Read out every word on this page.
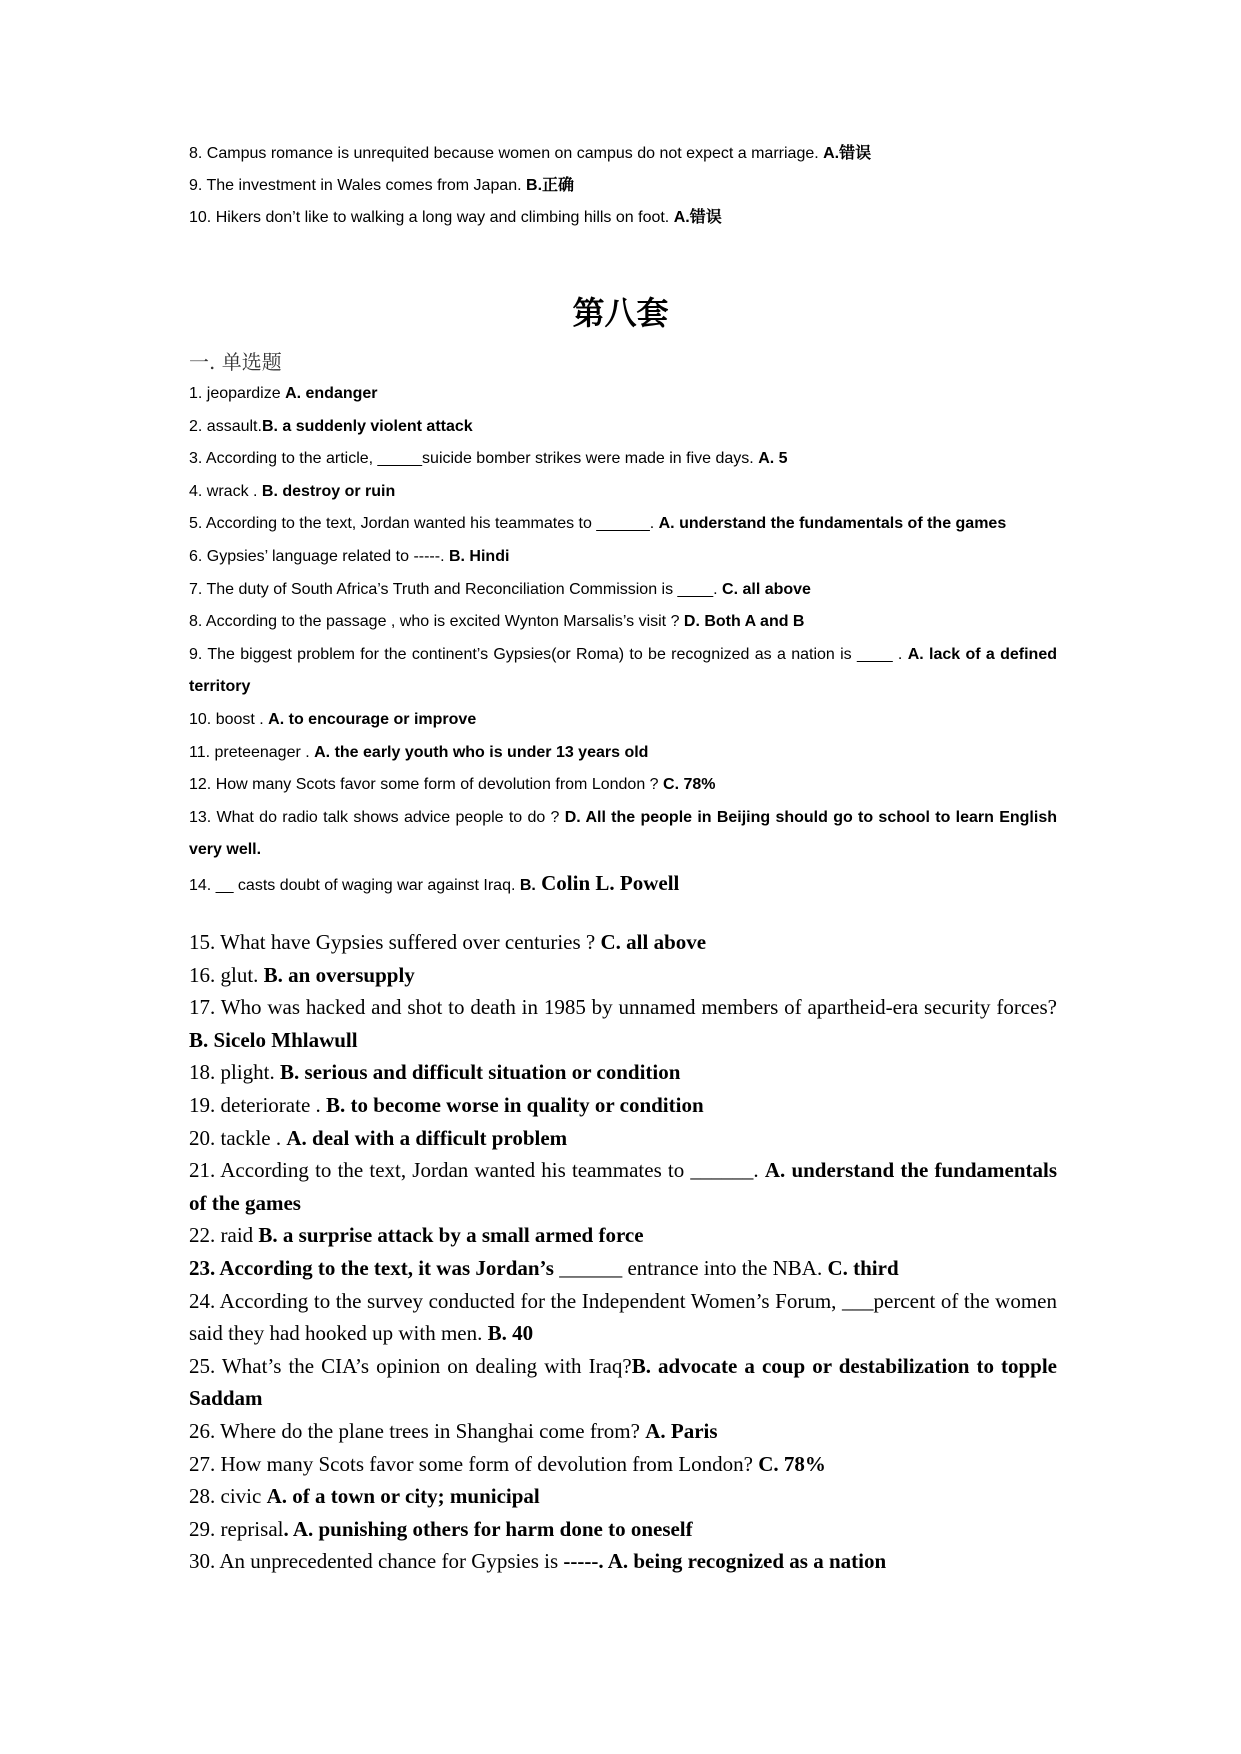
8. Campus romance is unrequited because women on campus do not expect a marriage. A.错误

9. The investment in Wales comes from Japan. B.正确

10. Hikers don’t like to walking a long way and climbing hills on foot. A.错误

第八套
一. 单选题

1. jeopardize A. endanger

2. assault.B. a suddenly violent attack

3. According to the article, _____suicide bomber strikes were made in five days. A. 5

4. wrack . B. destroy or ruin

5. According to the text, Jordan wanted his teammates to ______. A. understand the fundamentals of the games

6. Gypsies’ language related to -----. B. Hindi

7. The duty of South Africa’s Truth and Reconciliation Commission is ____. C. all above

8. According to the passage , who is excited Wynton Marsalis’s visit ? D. Both A and B

9. The biggest problem for the continent’s Gypsies(or Roma) to be recognized as a nation is ____ . A. lack of a defined territory

10. boost . A. to encourage or improve

11. preteenager . A. the early youth who is under 13 years old

12. How many Scots favor some form of devolution from London ? C. 78%

13. What do radio talk shows advice people to do ? D. All the people in Beijing should go to school to learn English very well.

14. __ casts doubt of waging war against Iraq. B. Colin L. Powell

15. What have Gypsies suffered over centuries ? C. all above

16. glut. B. an oversupply

17. Who was hacked and shot to death in 1985 by unnamed members of apartheid-era security forces? B. Sicelo Mhlawull

18. plight. B. serious and difficult situation or condition

19. deteriorate . B. to become worse in quality or condition

20. tackle . A. deal with a difficult problem

21. According to the text, Jordan wanted his teammates to ______. A. understand the fundamentals of the games

22. raid B. a surprise attack by a small armed force

23. According to the text, it was Jordan’s ______ entrance into the NBA. C. third

24. According to the survey conducted for the Independent Women’s Forum, ___percent of the women said they had hooked up with men. B. 40

25. What’s the CIA’s opinion on dealing with Iraq?B. advocate a coup or destabilization to topple Saddam

26. Where do the plane trees in Shanghai come from? A. Paris

27. How many Scots favor some form of devolution from London? C. 78%

28. civic A. of a town or city; municipal

29. reprisal. A. punishing others for harm done to oneself

30. An unprecedented chance for Gypsies is -----. A. being recognized as a nation
